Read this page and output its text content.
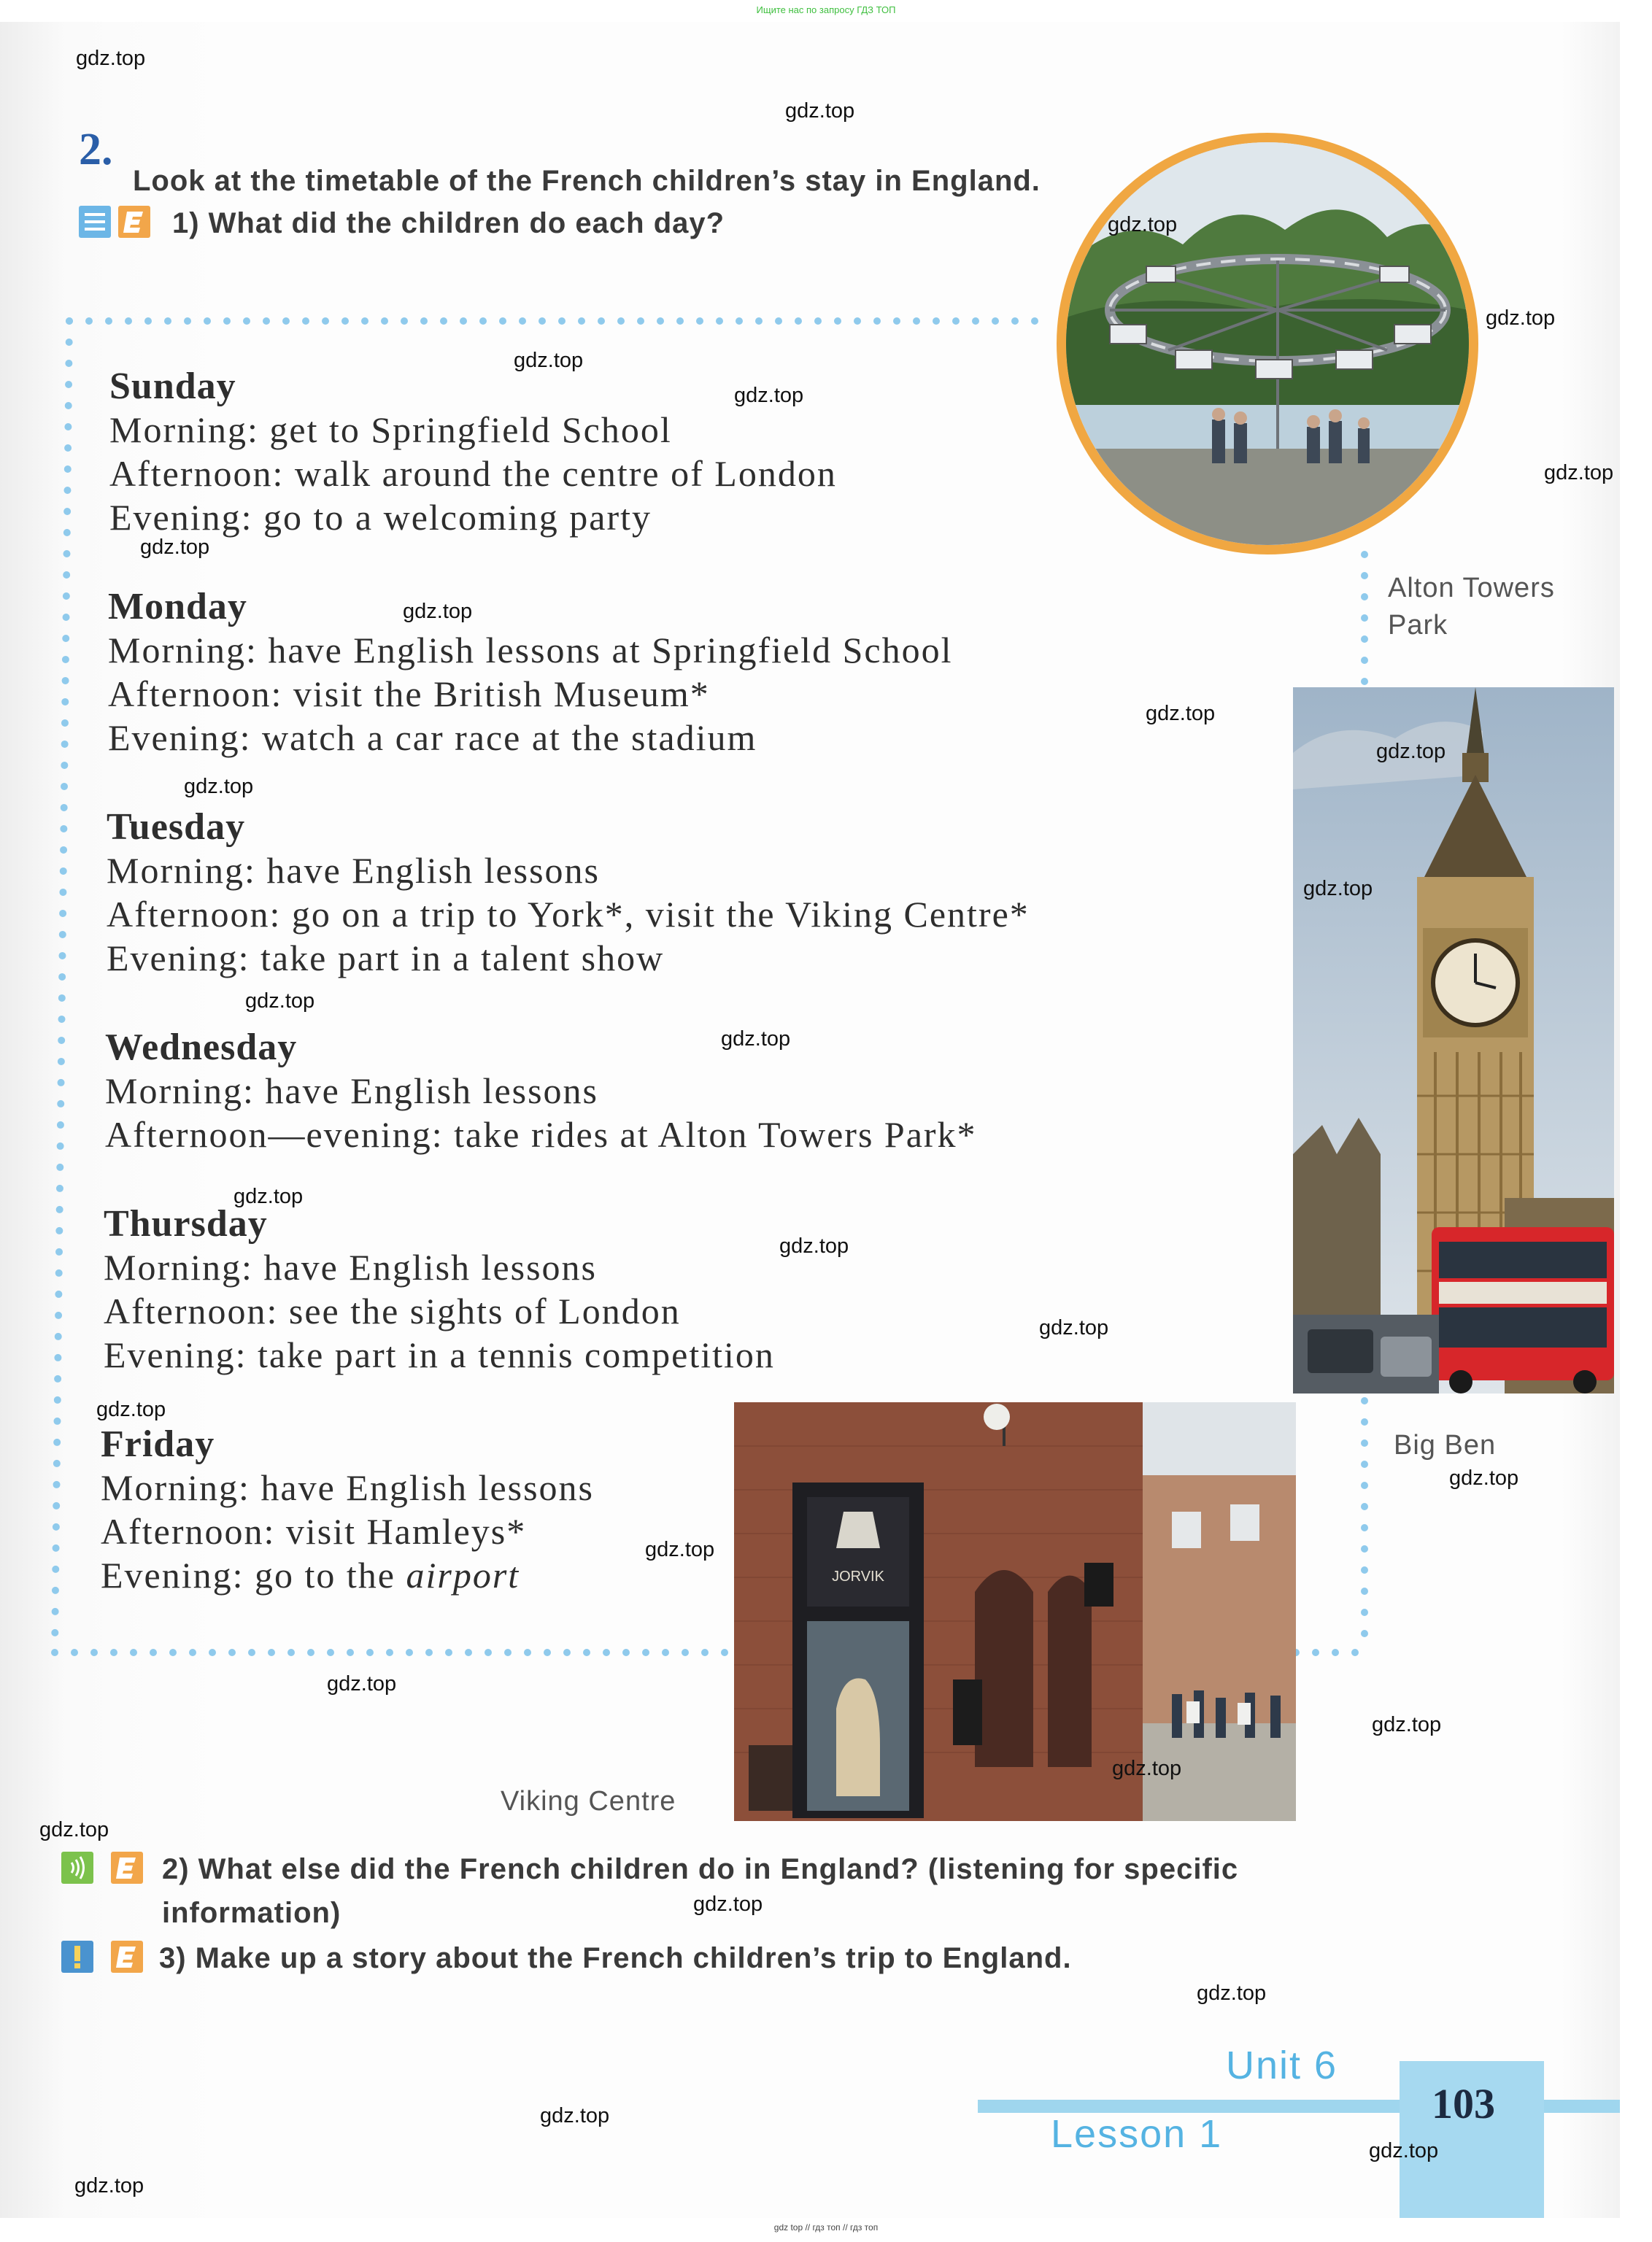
Ищите нас по запросу ГДЗ ТОП
2.
Look at the timetable of the French children’s stay in England.
1) What did the children do each day?
Sunday
Morning: get to Springfield School
Afternoon: walk around the centre of London
Evening: go to a welcoming party
Monday
Morning: have English lessons at Springfield School
Afternoon: visit the British Museum*
Evening: watch a car race at the stadium
Tuesday
Morning: have English lessons
Afternoon: go on a trip to York*, visit the Viking Centre*
Evening: take part in a talent show
Wednesday
Morning: have English lessons
Afternoon—evening: take rides at Alton Towers Park*
Thursday
Morning: have English lessons
Afternoon: see the sights of London
Evening: take part in a tennis competition
Friday
Morning: have English lessons
Afternoon: visit Hamleys*
Evening: go to the airport
Alton Towers
Park
Big Ben
JORVIK
Viking Centre
2) What else did the French children do in England? (listening for specific
information)
3) Make up a story about the French children’s trip to England.
Unit 6
Lesson 1
103
gdz.top
gdz.top
gdz.top
gdz.top
gdz.top
gdz.top
gdz.top
gdz.top
gdz.top
gdz.top
gdz.top
gdz.top
gdz.top
gdz.top
gdz.top
gdz.top
gdz.top
gdz.top
gdz.top
gdz.top
gdz.top
gdz.top
gdz.top
gdz.top
gdz.top
gdz.top
gdz.top
gdz.top
gdz.top
gdz.top
gdz top // гдз топ // гдз топ
